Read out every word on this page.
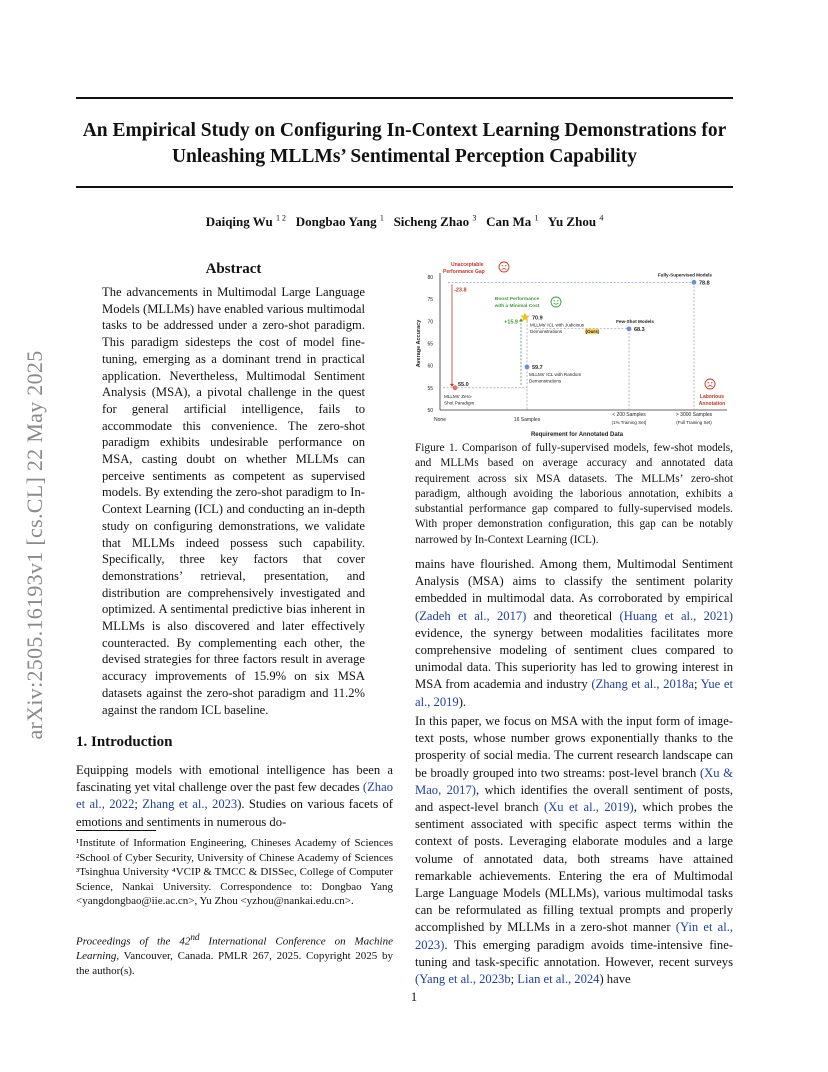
arXiv:2505.16193v1 [cs.CL] 22 May 2025
An Empirical Study on Configuring In-Context Learning Demonstrations for
Unleashing MLLMs’ Sentimental Perception Capability
Daiqing Wu $^{1 2}$ Dongbao Yang $^1$ Sicheng Zhao $^3$ Can Ma $^1$ Yu Zhou $^4$
Abstract
The advancements in Multimodal Large Language Models (MLLMs) have enabled various multimodal tasks to be addressed under a zero-shot paradigm. This paradigm sidesteps the cost of model fine-tuning, emerging as a dominant trend in practical application. Nevertheless, Multimodal Sentiment Analysis (MSA), a pivotal challenge in the quest for general artificial intelligence, fails to accommodate this convenience. The zero-shot paradigm exhibits undesirable performance on MSA, casting doubt on whether MLLMs can perceive sentiments as competent as supervised models. By extending the zero-shot paradigm to In-Context Learning (ICL) and conducting an in-depth study on configuring demonstrations, we validate that MLLMs indeed possess such capability. Specifically, three key factors that cover demonstrations’ retrieval, presentation, and distribution are comprehensively investigated and optimized. A sentimental predictive bias inherent in MLLMs is also discovered and later effectively counteracted. By complementing each other, the devised strategies for three factors result in average accuracy improvements of 15.9% on six MSA datasets against the zero-shot paradigm and 11.2% against the random ICL baseline.
1. Introduction
Equipping models with emotional intelligence has been a fascinating yet vital challenge over the past few decades (Zhao et al., 2022; Zhang et al., 2023). Studies on various facets of emotions and sentiments in numerous do-
¹Institute of Information Engineering, Chineses Academy of Sciences ²School of Cyber Security, University of Chinese Academy of Sciences ³Tsinghua University ⁴VCIP & TMCC & DISSec, College of Computer Science, Nankai University. Correspondence to: Dongbao Yang <yangdongbao@iie.ac.cn>, Yu Zhou <yzhou@nankai.edu.cn>.
Proceedings of the 42nd International Conference on Machine Learning, Vancouver, Canada. PMLR 267, 2025. Copyright 2025 by the author(s).
50
55
60
65
70
75
80
Average Accuracy
None	16 Samples
< 200 Samples
(1% Training Set)
> 3000 Samples
(Full Training Set)
Requirement for Annotated Data
-23.8
+15.9
55.0
59.7
70.9
68.3
78.8
Fully-Supervised Models
Few-Shot Models
MLLMs' ICL with Judicious
Demonstrations	(Ours)
MLLMs' ICL with Random
Demonstrations
MLLMs' Zero-
Shot Paradigm
Unacceptable
Performance Gap
Boost Performance
with a Minimal Cost
Laborious
Annotation
Figure 1. Comparison of fully-supervised models, few-shot models, and MLLMs based on average accuracy and annotated data requirement across six MSA datasets. The MLLMs’ zero-shot paradigm, although avoiding the laborious annotation, exhibits a substantial performance gap compared to fully-supervised models. With proper demonstration configuration, this gap can be notably narrowed by In-Context Learning (ICL).
mains have flourished. Among them, Multimodal Sentiment Analysis (MSA) aims to classify the sentiment polarity embedded in multimodal data. As corroborated by empirical (Zadeh et al., 2017) and theoretical (Huang et al., 2021) evidence, the synergy between modalities facilitates more comprehensive modeling of sentiment clues compared to unimodal data. This superiority has led to growing interest in MSA from academia and industry (Zhang et al., 2018a; Yue et al., 2019).
In this paper, we focus on MSA with the input form of image-text posts, whose number grows exponentially thanks to the prosperity of social media. The current research landscape can be broadly grouped into two streams: post-level branch (Xu & Mao, 2017), which identifies the overall sentiment of posts, and aspect-level branch (Xu et al., 2019), which probes the sentiment associated with specific aspect terms within the context of posts. Leveraging elaborate modules and a large volume of annotated data, both streams have attained remarkable achievements. Entering the era of Multimodal Large Language Models (MLLMs), various multimodal tasks can be reformulated as filling textual prompts and properly accomplished by MLLMs in a zero-shot manner (Yin et al., 2023). This emerging paradigm avoids time-intensive fine-tuning and task-specific annotation. However, recent surveys (Yang et al., 2023b; Lian et al., 2024) have
1
